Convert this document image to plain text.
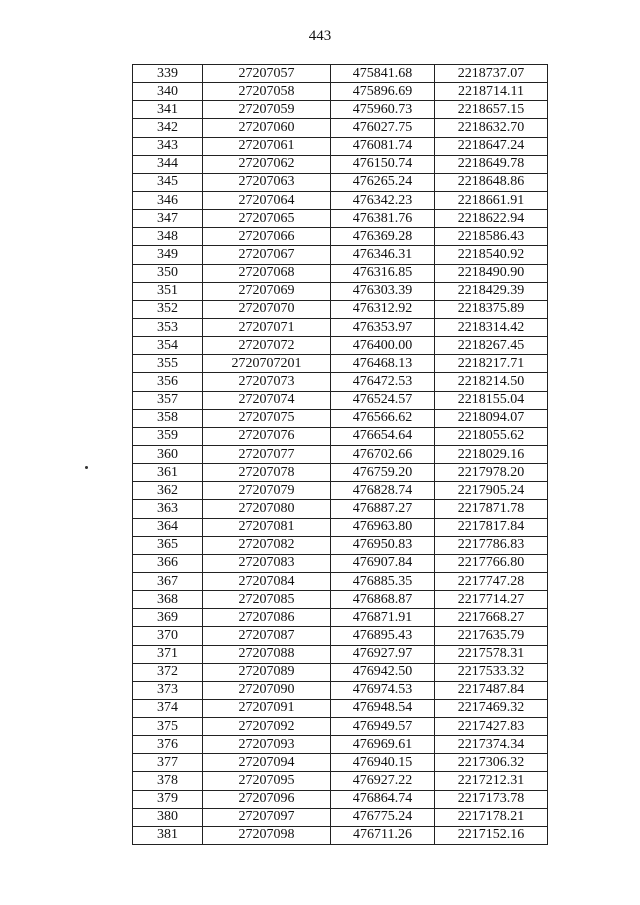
443
339	27207057	475841.68	2218737.07
340	27207058	475896.69	2218714.11
341	27207059	475960.73	2218657.15
342	27207060	476027.75	2218632.70
343	27207061	476081.74	2218647.24
344	27207062	476150.74	2218649.78
345	27207063	476265.24	2218648.86
346	27207064	476342.23	2218661.91
347	27207065	476381.76	2218622.94
348	27207066	476369.28	2218586.43
349	27207067	476346.31	2218540.92
350	27207068	476316.85	2218490.90
351	27207069	476303.39	2218429.39
352	27207070	476312.92	2218375.89
353	27207071	476353.97	2218314.42
354	27207072	476400.00	2218267.45
355	2720707201	476468.13	2218217.71
356	27207073	476472.53	2218214.50
357	27207074	476524.57	2218155.04
358	27207075	476566.62	2218094.07
359	27207076	476654.64	2218055.62
360	27207077	476702.66	2218029.16
361	27207078	476759.20	2217978.20
362	27207079	476828.74	2217905.24
363	27207080	476887.27	2217871.78
364	27207081	476963.80	2217817.84
365	27207082	476950.83	2217786.83
366	27207083	476907.84	2217766.80
367	27207084	476885.35	2217747.28
368	27207085	476868.87	2217714.27
369	27207086	476871.91	2217668.27
370	27207087	476895.43	2217635.79
371	27207088	476927.97	2217578.31
372	27207089	476942.50	2217533.32
373	27207090	476974.53	2217487.84
374	27207091	476948.54	2217469.32
375	27207092	476949.57	2217427.83
376	27207093	476969.61	2217374.34
377	27207094	476940.15	2217306.32
378	27207095	476927.22	2217212.31
379	27207096	476864.74	2217173.78
380	27207097	476775.24	2217178.21
381	27207098	476711.26	2217152.16
